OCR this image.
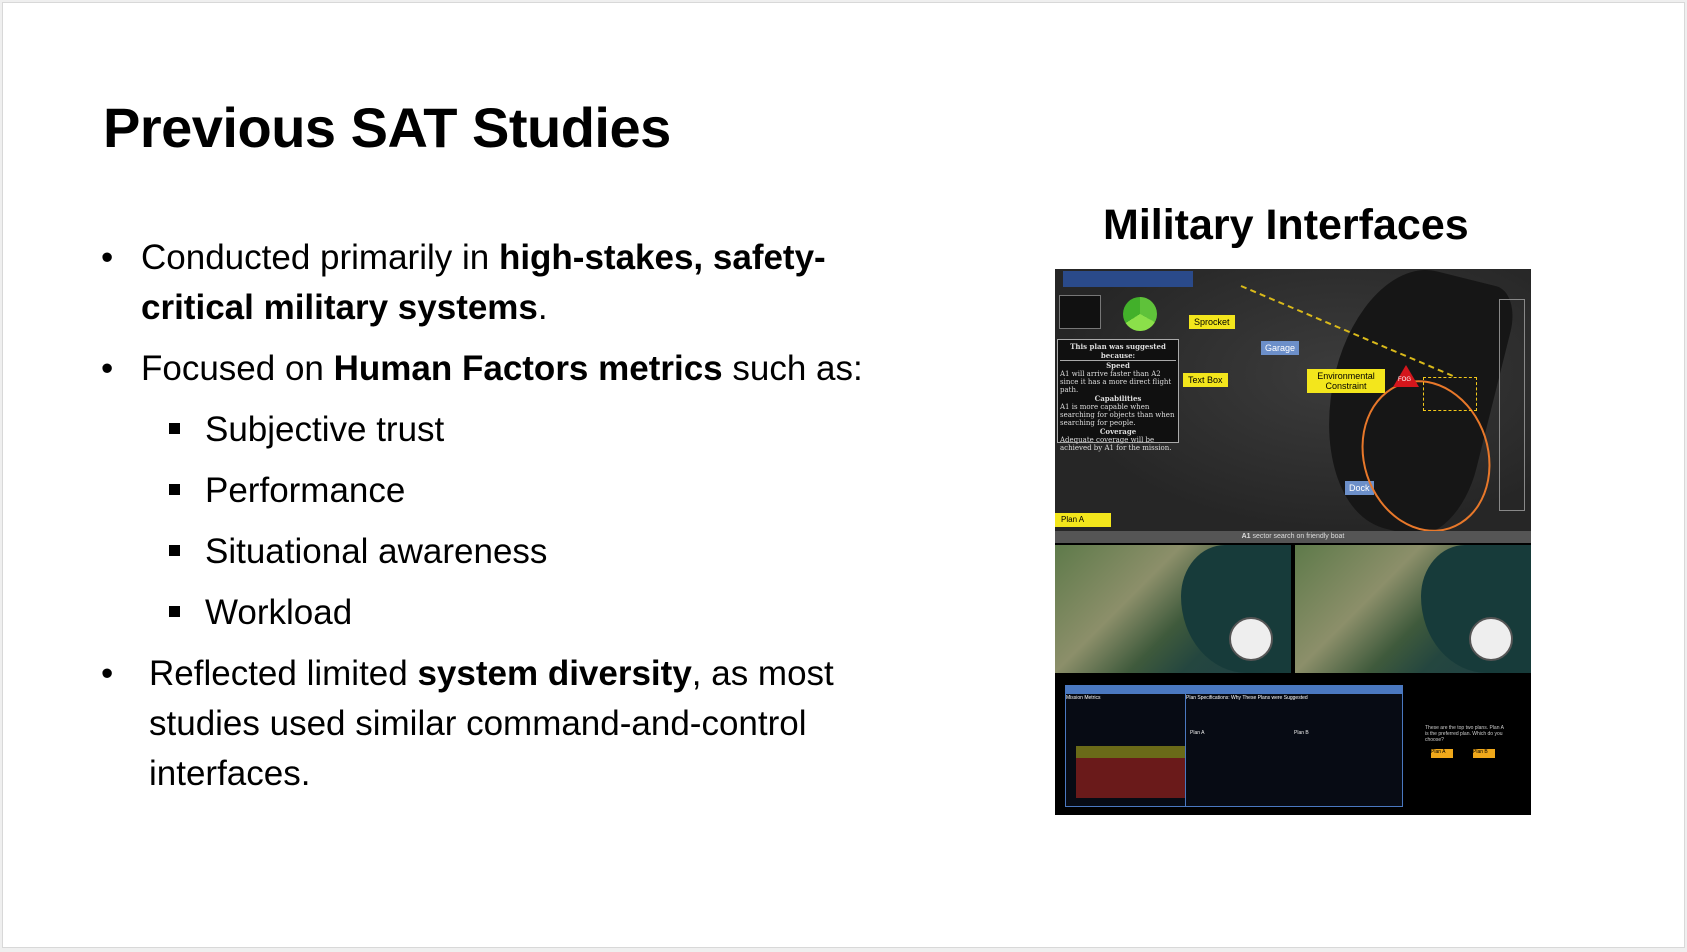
Previous SAT Studies
• Conducted primarily in high-stakes, safety-critical military systems.
• Focused on Human Factors metrics such as:
Subjective trust
Performance
Situational awareness
Workload
• Reflected limited system diversity, as most studies used similar command-and-control interfaces.
Military Interfaces
This plan was suggested because:
Speed
A1 will arrive faster than A2 since it has a more direct flight path.
Capabilities
A1 is more capable when searching for objects than when searching for people.
Coverage
Adequate coverage will be achieved by A1 for the mission.
Sprocket
Text Box	Environmental Constraint
Garage
Dock
FOG
Plan A
A1 sector search on friendly boat
Mission Metrics	Plan Specifications: Why These Plans were Suggested
Plan A	Plan B
These are the top two plans. Plan A is the preferred plan. Which do you choose?
Plan A	Plan B
